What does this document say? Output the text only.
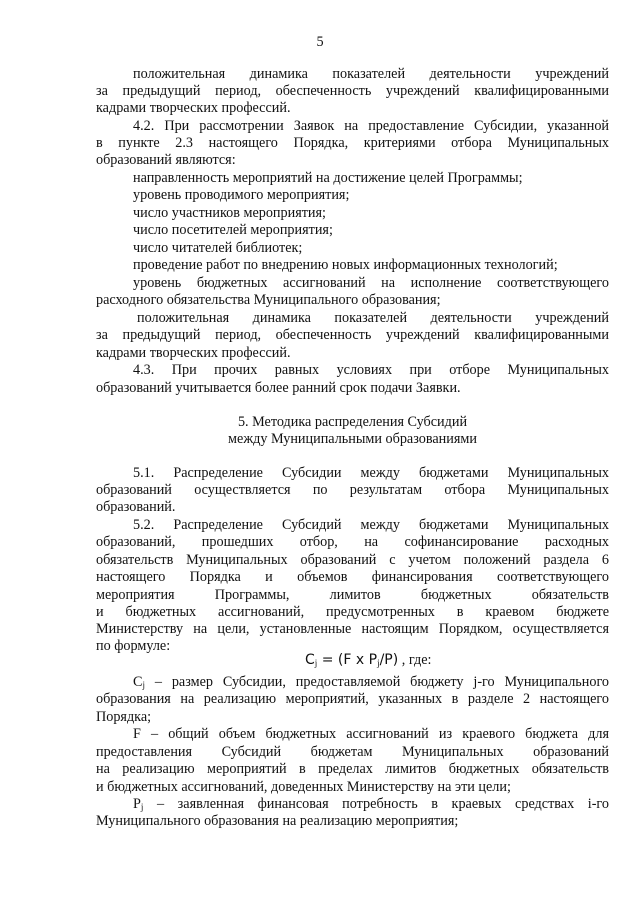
5
положительная динамика показателей деятельности учреждений
за предыдущий период, обеспеченность учреждений квалифицированными
кадрами творческих профессий.
4.2. При рассмотрении Заявок на предоставление Субсидии, указанной
в пункте 2.3 настоящего Порядка, критериями отбора Муниципальных
образований являются:
направленность мероприятий на достижение целей Программы;
уровень проводимого мероприятия;
число участников мероприятия;
число посетителей мероприятия;
число читателей библиотек;
проведение работ по внедрению новых информационных технологий;
уровень бюджетных ассигнований на исполнение соответствующего
расходного обязательства Муниципального образования;
положительная динамика показателей деятельности учреждений
за предыдущий период, обеспеченность учреждений квалифицированными
кадрами творческих профессий.
4.3. При прочих равных условиях при отборе Муниципальных
образований учитывается более ранний срок подачи Заявки.
5. Методика распределения Субсидий
между Муниципальными образованиями
5.1. Распределение Субсидии между бюджетами Муниципальных
образований осуществляется по результатам отбора Муниципальных
образований.
5.2. Распределение Субсидий между бюджетами Муниципальных
образований, прошедших отбор, на софинансирование расходных
обязательств Муниципальных образований с учетом положений раздела 6
настоящего Порядка и объемов финансирования соответствующего
мероприятия Программы, лимитов бюджетных обязательств
и бюджетных ассигнований, предусмотренных в краевом бюджете
Министерству на цели, установленные настоящим Порядком, осуществляется
по формуле:
$C_j = (F$ x $P_j/P$) , где:
$C_j$ – размер Субсидии, предоставляемой бюджету j-го Муниципального
образования на реализацию мероприятий, указанных в разделе 2 настоящего
Порядка;
F – общий объем бюджетных ассигнований из краевого бюджета для
предоставления Субсидий бюджетам Муниципальных образований
на реализацию мероприятий в пределах лимитов бюджетных обязательств
и бюджетных ассигнований, доведенных Министерству на эти цели;
$P_j$ – заявленная финансовая потребность в краевых средствах i-го
Муниципального образования на реализацию мероприятия;
